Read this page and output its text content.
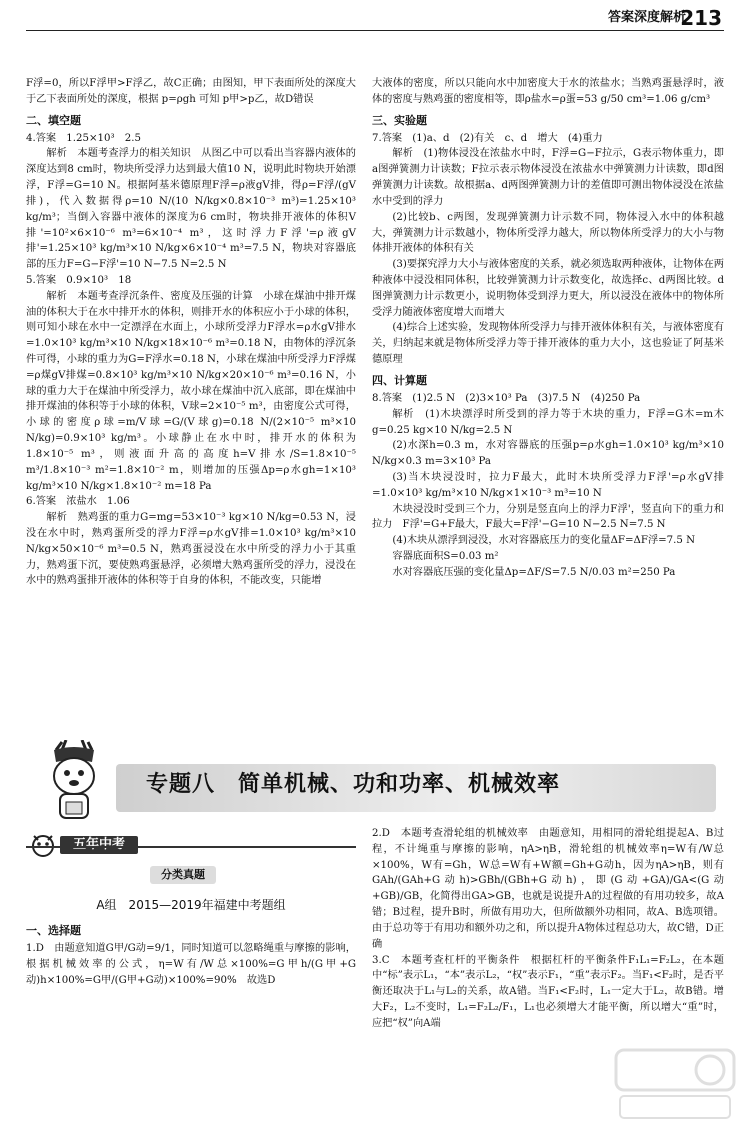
答案深度解析
213

F浮=0，所以F浮甲>F浮乙，故C正确；由图知，甲下表面所处的深度大于乙下表面所处的深度，根据 p=ρgh 可知 p甲>p乙，故D错误

二、填空题

4.答案　1.25×10³　2.5

解析　本题考查浮力的相关知识　从图乙中可以看出当容器内液体的深度达到8 cm时，物块所受浮力达到最大值10 N，说明此时物块开始漂浮，F浮=G=10 N。根据阿基米德原理F浮=ρ液gV排，得ρ=F浮/(gV排)，代入数据得ρ=10 N/(10 N/kg×0.8×10⁻³ m³)=1.25×10³ kg/m³；当倒入容器中液体的深度为6 cm时，物块排开液体的体积V排'=10²×6×10⁻⁶ m³=6×10⁻⁴ m³，这时浮力F浮'=ρ液gV排'=1.25×10³ kg/m³×10 N/kg×6×10⁻⁴ m³=7.5 N，物块对容器底部的压力F=G−F浮'=10 N−7.5 N=2.5 N

5.答案　0.9×10³　18

解析　本题考查浮沉条件、密度及压强的计算　小球在煤油中排开煤油的体积大于在水中排开水的体积，则排开水的体积应小于小球的体积，则可知小球在水中一定漂浮在水面上，小球所受浮力F浮水=ρ水gV排水=1.0×10³ kg/m³×10 N/kg×18×10⁻⁶ m³=0.18 N，由物体的浮沉条件可得，小球的重力为G=F浮水=0.18 N，小球在煤油中所受浮力F浮煤=ρ煤gV排煤=0.8×10³ kg/m³×10 N/kg×20×10⁻⁶ m³=0.16 N，小球的重力大于在煤油中所受浮力，故小球在煤油中沉入底部，即在煤油中排开煤油的体积等于小球的体积，V球=2×10⁻⁵ m³，由密度公式可得，小球的密度ρ球=m/V球=G/(V球g)=0.18 N/(2×10⁻⁵ m³×10 N/kg)=0.9×10³ kg/m³。小球静止在水中时，排开水的体积为1.8×10⁻⁵ m³，则液面升高的高度h=V排水/S=1.8×10⁻⁵ m³/1.8×10⁻³ m²=1.8×10⁻² m，则增加的压强Δp=ρ水gh=1×10³ kg/m³×10 N/kg×1.8×10⁻² m=18 Pa

6.答案　浓盐水　1.06

解析　熟鸡蛋的重力G=mg=53×10⁻³ kg×10 N/kg=0.53 N，浸没在水中时，熟鸡蛋所受的浮力F浮=ρ水gV排=1.0×10³ kg/m³×10 N/kg×50×10⁻⁶ m³=0.5 N，熟鸡蛋浸没在水中所受的浮力小于其重力，熟鸡蛋下沉，要使熟鸡蛋悬浮，必须增大熟鸡蛋所受的浮力，浸没在水中的熟鸡蛋排开液体的体积等于自身的体积，不能改变，只能增

大液体的密度，所以只能向水中加密度大于水的浓盐水；当熟鸡蛋悬浮时，液体的密度与熟鸡蛋的密度相等，即ρ盐水=ρ蛋=53 g/50 cm³=1.06 g/cm³

三、实验题

7.答案　(1)a、d　(2)有关　c、d　增大　(4)重力

解析　(1)物体浸没在浓盐水中时，F浮=G−F拉示，G表示物体重力，即a图弹簧测力计读数；F拉示表示物体浸没在浓盐水中弹簧测力计读数，即d图弹簧测力计读数。故根据a、d两图弹簧测力计的差值即可测出物体浸没在浓盐水中受到的浮力

(2)比较b、c两图，发现弹簧测力计示数不同，物体浸入水中的体积越大，弹簧测力计示数越小，物体所受浮力越大，所以物体所受浮力的大小与物体排开液体的体积有关

(3)要探究浮力大小与液体密度的关系，就必须选取两种液体，让物体在两种液体中浸没相同体积，比较弹簧测力计示数变化，故选择c、d两图比较。d图弹簧测力计示数更小，说明物体受到浮力更大，所以浸没在液体中的物体所受浮力随液体密度增大而增大

(4)综合上述实验，发现物体所受浮力与排开液体体积有关，与液体密度有关，归纳起来就是物体所受浮力等于排开液体的重力大小，这也验证了阿基米德原理

四、计算题

8.答案　(1)2.5 N　(2)3×10³ Pa　(3)7.5 N　(4)250 Pa

解析　(1)木块漂浮时所受到的浮力等于木块的重力，F浮=G木=m木g=0.25 kg×10 N/kg=2.5 N

(2)水深h=0.3 m，水对容器底的压强p=ρ水gh=1.0×10³ kg/m³×10 N/kg×0.3 m=3×10³ Pa

(3)当木块浸没时，拉力F最大，此时木块所受浮力F浮'=ρ水gV排=1.0×10³ kg/m³×10 N/kg×1×10⁻³ m³=10 N

木块浸没时受到三个力，分别是竖直向上的浮力F浮'，竖直向下的重力和拉力　F浮'=G+F最大，F最大=F浮'−G=10 N−2.5 N=7.5 N

(4)木块从漂浮到浸没，水对容器底压力的变化量ΔF=ΔF浮=7.5 N

容器底面积S=0.03 m²

水对容器底压强的变化量Δp=ΔF/S=7.5 N/0.03 m²=250 Pa

专题八　简单机械、功和功率、机械效率
五年中考
分类真题
A组　2015—2019年福建中考题组

一、选择题

1.D　由题意知道G甲/G动=9/1，同时知道可以忽略绳重与摩擦的影响，根据机械效率的公式，η=W有/W总×100%=G甲h/(G甲+G动)h×100%=G甲/(G甲+G动)×100%=90%　故选D

2.D　本题考查滑轮组的机械效率　由题意知，用相同的滑轮组提起A、B过程，不计绳重与摩擦的影响，ηA>ηB，滑轮组的机械效率η=W有/W总×100%，W有=Gh，W总=W有+W额=Gh+G动h，因为ηA>ηB，则有GAh/(GAh+G动h)>GBh/(GBh+G动h)，即(G动+GA)/GA<(G动+GB)/GB，化简得出GA>GB，也就是说提升A的过程做的有用功较多，故A错；B过程，提升B时，所做有用功大，但所做额外功相同，故A、B选项错。由于总功等于有用功和额外功之和，所以提升A物体过程总功大，故C错，D正确

3.C　本题考查杠杆的平衡条件　根据杠杆的平衡条件F₁L₁=F₂L₂，在本题中“标”表示L₁，“本”表示L₂，“权”表示F₁，“重”表示F₂。当F₁<F₂时，是否平衡还取决于L₁与L₂的关系，故A错。当F₁<F₂时，L₁一定大于L₂，故B错。增大F₂，L₂不变时，L₁=F₂L₂/F₁，L₁也必须增大才能平衡，所以增大“重”时，应把“权”向A端
